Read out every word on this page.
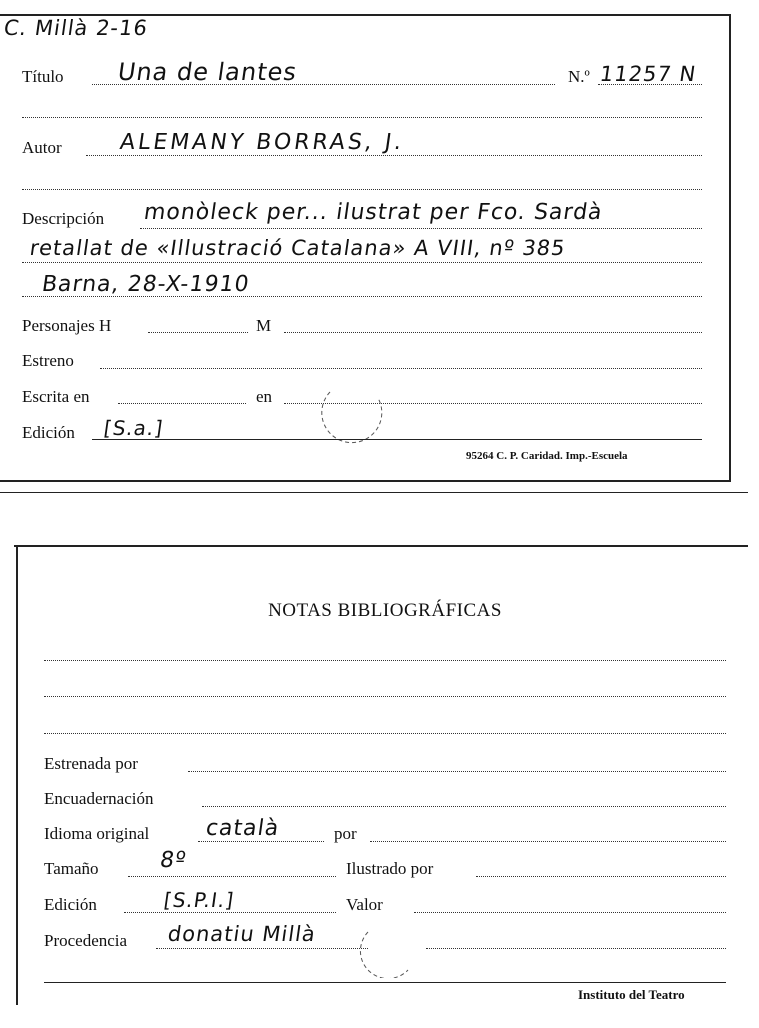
C. Millà 2-16
Título Una de lantes	N.º 11257 N
Autor	ALEMANY BORRAS, J.
Descripción monòleck per... ilustrat per Fco. Sardà
retallat de «Illustració Catalana» A VIII, nº 385
Barna, 28-X-1910
Personajes H	M
Estreno
Escrita en	en
Edición [S.a.]
95264 C. P. Caridad. Imp.-Escuela
NOTAS BIBLIOGRÁFICAS
Estrenada por
Encuadernación
Idioma original català	por
Tamaño	8º	Ilustrado por
Edición	[S.P.I.]	Valor
Procedencia donatiu Millà
Instituto del Teatro
